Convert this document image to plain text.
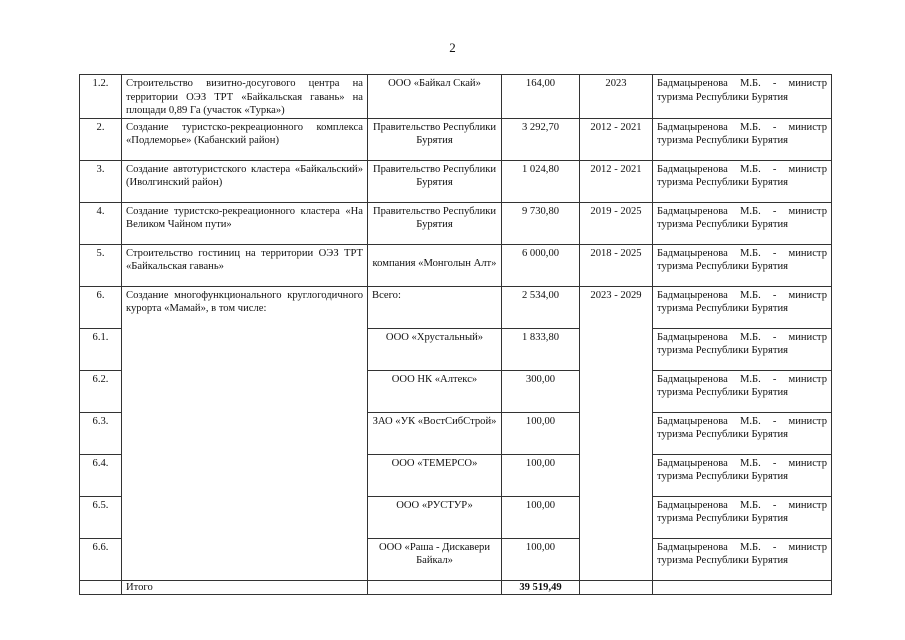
2
1.2.	Строительство визитно-досугового центра на территории ОЭЗ ТРТ «Байкальская гавань» на площади 0,89 Га (участок «Турка»)	ООО «Байкал Скай»	164,00	2023	Бадмацыренова М.Б. - министр туризма Республики Бурятия
2.	Создание туристско-рекреационного комплекса «Подлеморье» (Кабанский район)	Правительство Республики Бурятия	3 292,70	2012 - 2021	Бадмацыренова М.Б. - министр туризма Республики Бурятия
3.	Создание автотуристского кластера «Байкальский» (Иволгинский район)	Правительство Республики Бурятия	1 024,80	2012 - 2021	Бадмацыренова М.Б. - министр туризма Республики Бурятия
4.	Создание туристско-рекреационного кластера «На Великом Чайном пути»	Правительство Республики Бурятия	9 730,80	2019 - 2025	Бадмацыренова М.Б. - министр туризма Республики Бурятия
5.	Строительство гостиниц на территории ОЭЗ ТРТ «Байкальская гавань»	компания «Монголын Алт»	6 000,00	2018 - 2025	Бадмацыренова М.Б. - министр туризма Республики Бурятия
6.	Создание многофункционального круглогодичного курорта «Мамай», в том числе:	Всего:	2 534,00	2023 - 2029	Бадмацыренова М.Б. - министр туризма Республики Бурятия
6.1.		ООО «Хрустальный»	1 833,80		Бадмацыренова М.Б. - министр туризма Республики Бурятия
6.2.		ООО НК «Алтекс»	300,00		Бадмацыренова М.Б. - министр туризма Республики Бурятия
6.3.		ЗАО «УК «ВостСибСтрой»	100,00		Бадмацыренова М.Б. - министр туризма Республики Бурятия
6.4.		ООО «ТЕМЕРСО»	100,00		Бадмацыренова М.Б. - министр туризма Республики Бурятия
6.5.		ООО «РУСТУР»	100,00		Бадмацыренова М.Б. - министр туризма Республики Бурятия
6.6.		ООО «Раша - Дискавери Байкал»	100,00		Бадмацыренова М.Б. - министр туризма Республики Бурятия
	Итого		39 519,49		
